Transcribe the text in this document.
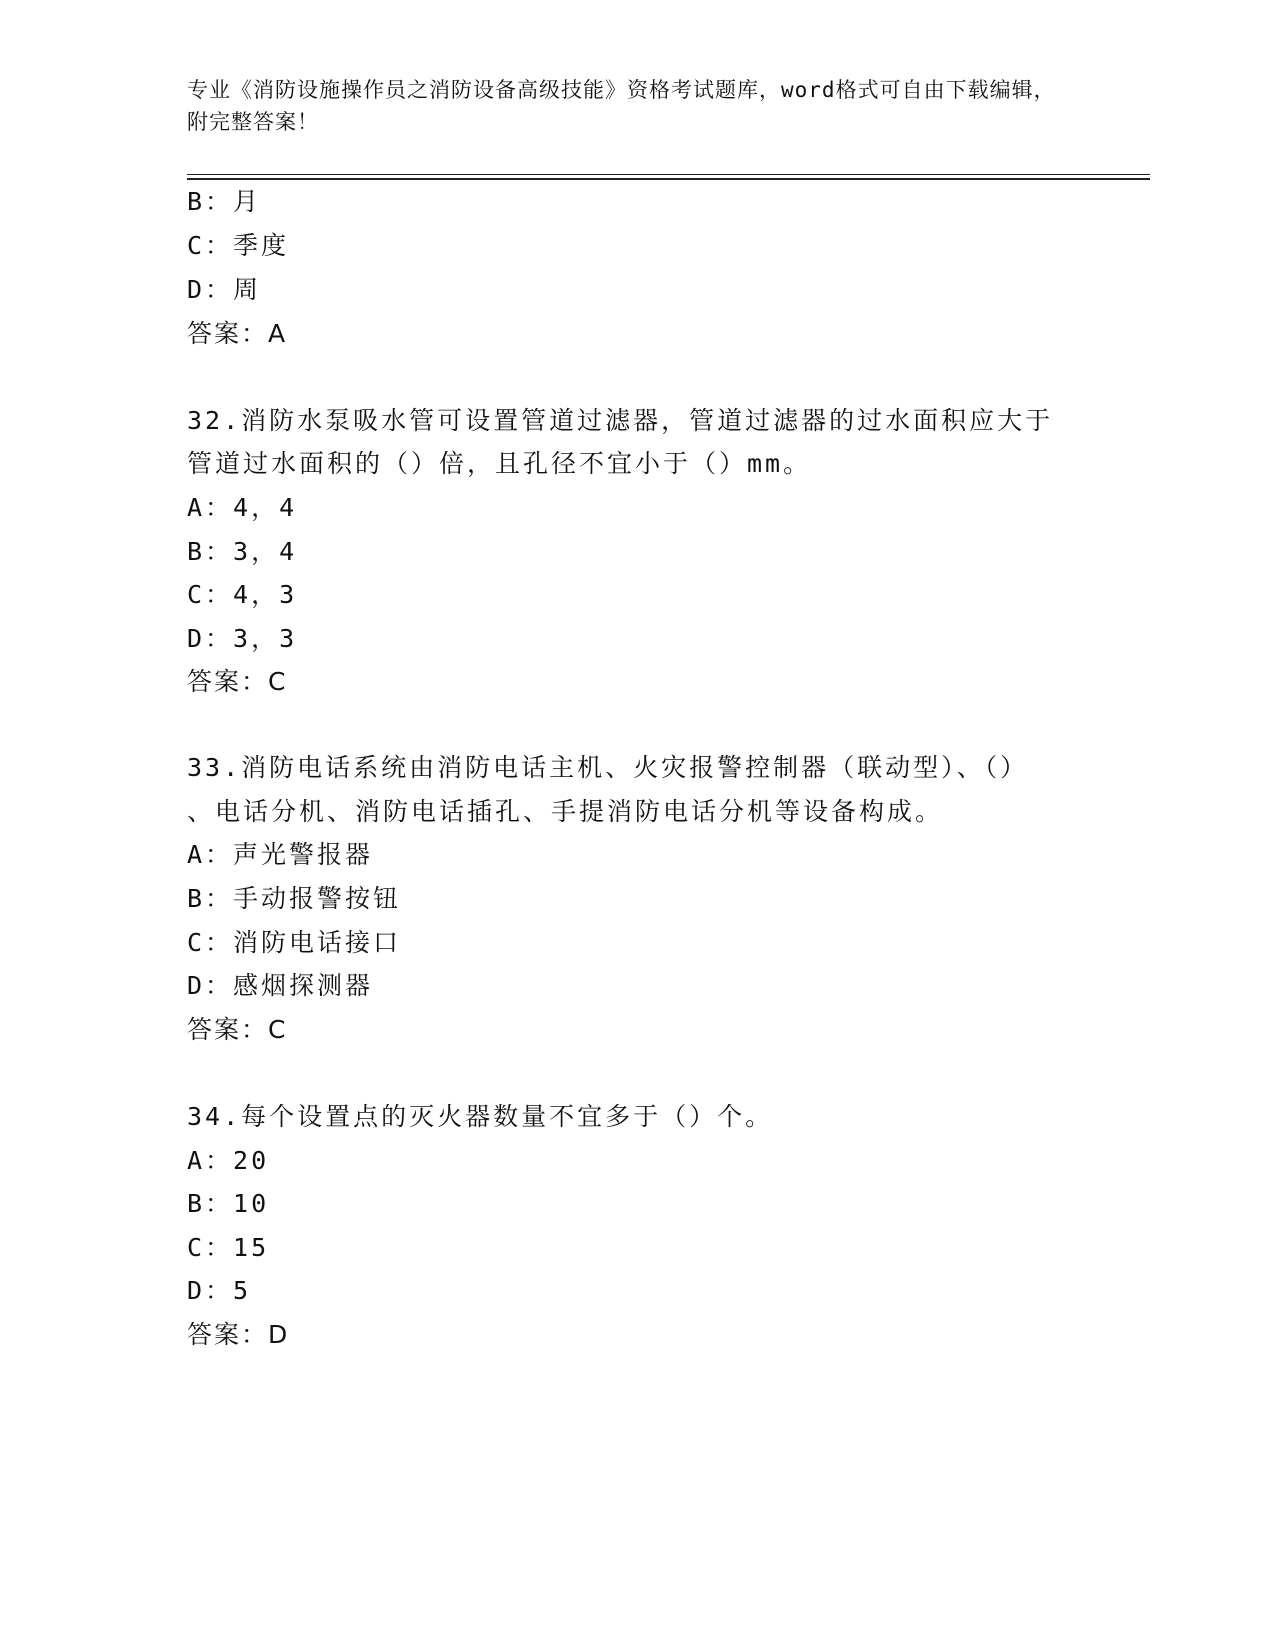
专业《消防设施操作员之消防设备高级技能》资格考试题库，word格式可自由下载编辑，附完整答案！
B：月
C：季度
D：周
答案：A
32.消防水泵吸水管可设置管道过滤器，管道过滤器的过水面积应大于
管道过水面积的（）倍，且孔径不宜小于（）mm。
A：4，4
B：3，4
C：4，3
D：3，3
答案：C
33.消防电话系统由消防电话主机、火灾报警控制器（联动型）、（）
、电话分机、消防电话插孔、手提消防电话分机等设备构成。
A：声光警报器
B：手动报警按钮
C：消防电话接口
D：感烟探测器
答案：C
34.每个设置点的灭火器数量不宜多于（）个。
A：20
B：10
C：15
D：5
答案：D
